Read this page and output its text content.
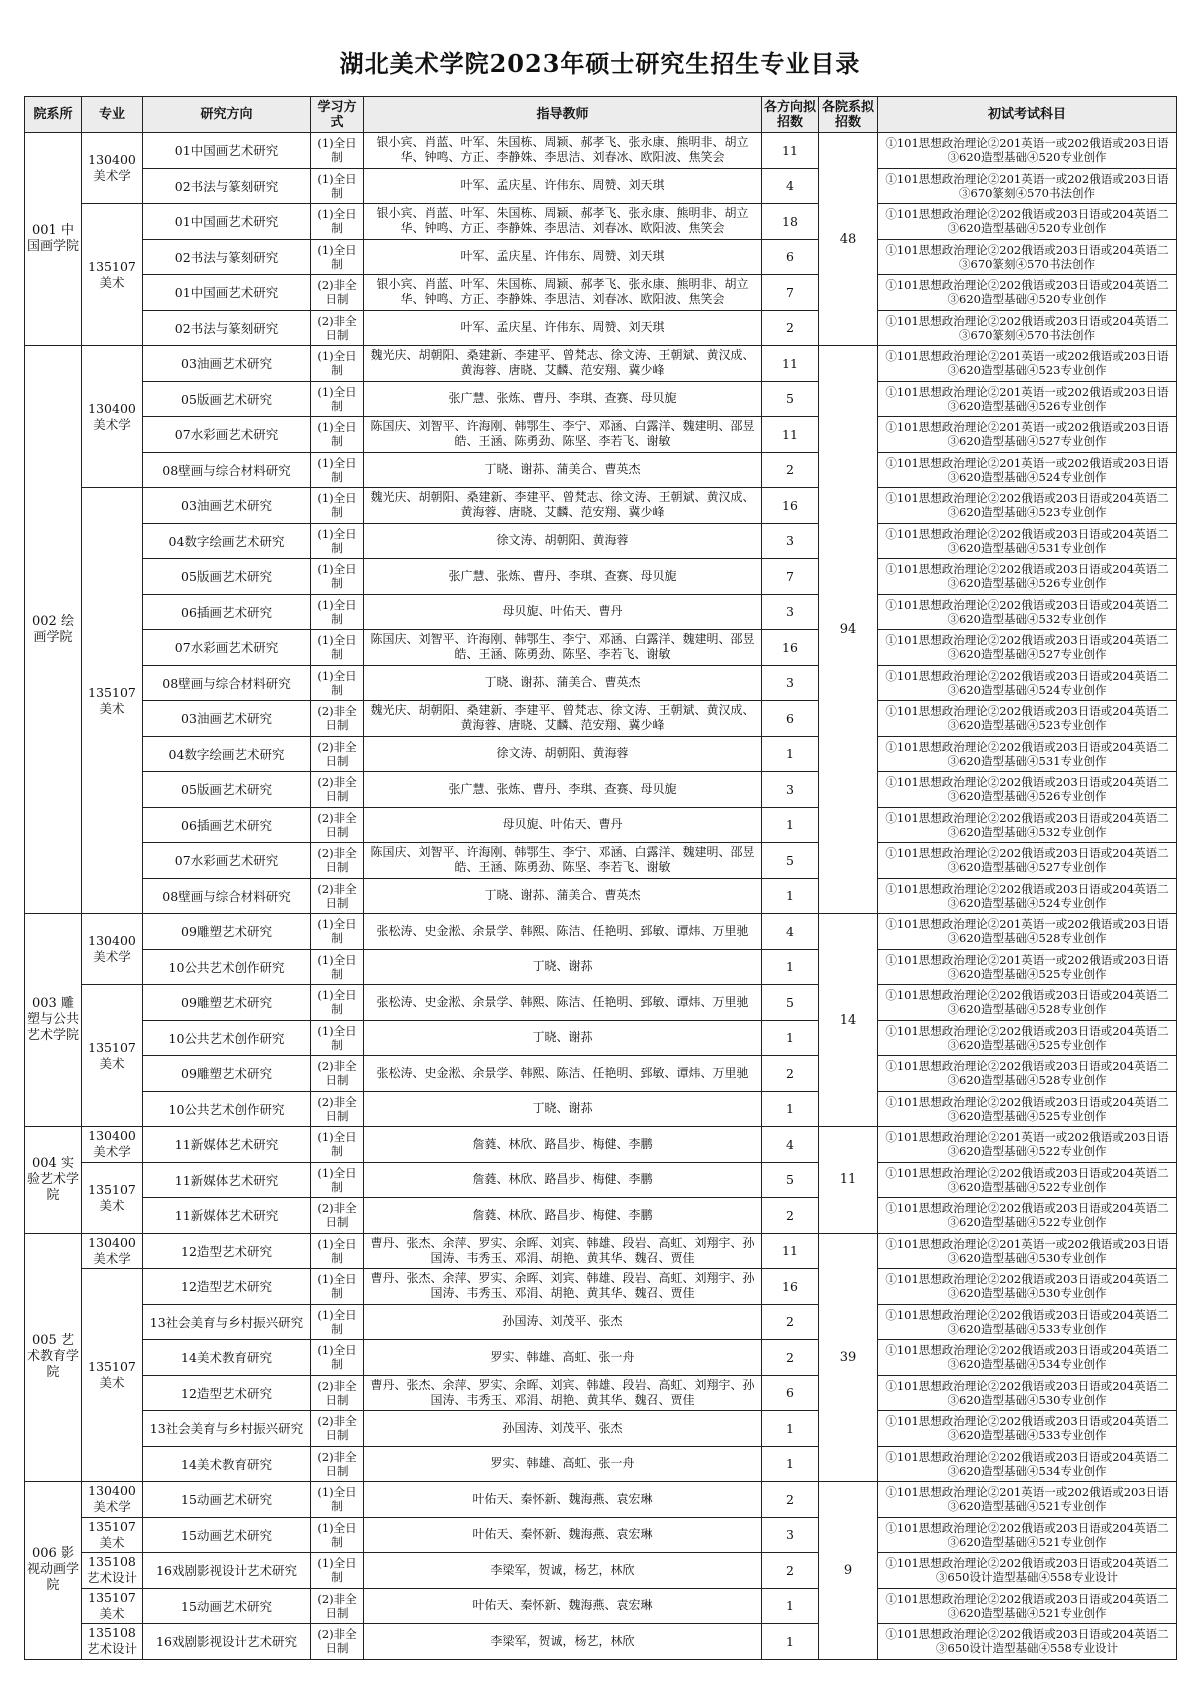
湖北美术学院2023年硕士研究生招生专业目录
院系所	专业	研究方向	学习方式	指导教师	各方向拟招数	各院系拟招数	初试考试科目
001 中国画学院	130400 美术学	01中国画艺术研究	(1)全日制	银小宾、肖蓝、叶军、朱国栋、周颖、郝孝飞、张永康、熊明非、胡立华、钟鸣、方正、李静姝、李思洁、刘春冰、欧阳波、焦笑会	11	48	①101思想政治理论②201英语一或202俄语或203日语③620造型基础④520专业创作
		02书法与篆刻研究	(1)全日制	叶军、孟庆星、许伟东、周赞、刘天琪	4		①101思想政治理论②201英语一或202俄语或203日语③670篆刻④570书法创作
	135107 美术	01中国画艺术研究	(1)全日制	银小宾、肖蓝、叶军、朱国栋、周颖、郝孝飞、张永康、熊明非、胡立华、钟鸣、方正、李静姝、李思洁、刘春冰、欧阳波、焦笑会	18		①101思想政治理论②202俄语或203日语或204英语二③620造型基础④520专业创作
		02书法与篆刻研究	(1)全日制	叶军、孟庆星、许伟东、周赞、刘天琪	6		①101思想政治理论②202俄语或203日语或204英语二③670篆刻④570书法创作
		01中国画艺术研究	(2)非全日制	银小宾、肖蓝、叶军、朱国栋、周颖、郝孝飞、张永康、熊明非、胡立华、钟鸣、方正、李静姝、李思洁、刘春冰、欧阳波、焦笑会	7		①101思想政治理论②202俄语或203日语或204英语二③620造型基础④520专业创作
		02书法与篆刻研究	(2)非全日制	叶军、孟庆星、许伟东、周赞、刘天琪	2		①101思想政治理论②202俄语或203日语或204英语二③670篆刻④570书法创作
002 绘画学院	130400 美术学	03油画艺术研究	(1)全日制	魏光庆、胡朝阳、桑建新、李建平、曾梵志、徐文涛、王朝斌、黄汉成、黄海蓉、唐晓、艾麟、范安翔、冀少峰	11	94	①101思想政治理论②201英语一或202俄语或203日语③620造型基础④523专业创作
		05版画艺术研究	(1)全日制	张广慧、张炼、曹丹、李琪、查赛、母贝旎	5		①101思想政治理论②201英语一或202俄语或203日语③620造型基础④526专业创作
		07水彩画艺术研究	(1)全日制	陈国庆、刘智平、许海刚、韩鄂生、李宁、邓涵、白露洋、魏建明、邵昱皓、王涵、陈勇劲、陈坚、李若飞、谢敏	11		①101思想政治理论②201英语一或202俄语或203日语③620造型基础④527专业创作
		08壁画与综合材料研究	(1)全日制	丁晓、谢荪、蒲美合、曹英杰	2		①101思想政治理论②201英语一或202俄语或203日语③620造型基础④524专业创作
	135107 美术	03油画艺术研究	(1)全日制	魏光庆、胡朝阳、桑建新、李建平、曾梵志、徐文涛、王朝斌、黄汉成、黄海蓉、唐晓、艾麟、范安翔、冀少峰	16		①101思想政治理论②202俄语或203日语或204英语二③620造型基础④523专业创作
		04数字绘画艺术研究	(1)全日制	徐文涛、胡朝阳、黄海蓉	3		①101思想政治理论②202俄语或203日语或204英语二③620造型基础④531专业创作
		05版画艺术研究	(1)全日制	张广慧、张炼、曹丹、李琪、查赛、母贝旎	7		①101思想政治理论②202俄语或203日语或204英语二③620造型基础④526专业创作
		06插画艺术研究	(1)全日制	母贝旎、叶佑天、曹丹	3		①101思想政治理论②202俄语或203日语或204英语二③620造型基础④532专业创作
		07水彩画艺术研究	(1)全日制	陈国庆、刘智平、许海刚、韩鄂生、李宁、邓涵、白露洋、魏建明、邵昱皓、王涵、陈勇劲、陈坚、李若飞、谢敏	16		①101思想政治理论②202俄语或203日语或204英语二③620造型基础④527专业创作
		08壁画与综合材料研究	(1)全日制	丁晓、谢荪、蒲美合、曹英杰	3		①101思想政治理论②202俄语或203日语或204英语二③620造型基础④524专业创作
		03油画艺术研究	(2)非全日制	魏光庆、胡朝阳、桑建新、李建平、曾梵志、徐文涛、王朝斌、黄汉成、黄海蓉、唐晓、艾麟、范安翔、冀少峰	6		①101思想政治理论②202俄语或203日语或204英语二③620造型基础④523专业创作
		04数字绘画艺术研究	(2)非全日制	徐文涛、胡朝阳、黄海蓉	1		①101思想政治理论②202俄语或203日语或204英语二③620造型基础④531专业创作
		05版画艺术研究	(2)非全日制	张广慧、张炼、曹丹、李琪、查赛、母贝旎	3		①101思想政治理论②202俄语或203日语或204英语二③620造型基础④526专业创作
		06插画艺术研究	(2)非全日制	母贝旎、叶佑天、曹丹	1		①101思想政治理论②202俄语或203日语或204英语二③620造型基础④532专业创作
		07水彩画艺术研究	(2)非全日制	陈国庆、刘智平、许海刚、韩鄂生、李宁、邓涵、白露洋、魏建明、邵昱皓、王涵、陈勇劲、陈坚、李若飞、谢敏	5		①101思想政治理论②202俄语或203日语或204英语二③620造型基础④527专业创作
		08壁画与综合材料研究	(2)非全日制	丁晓、谢荪、蒲美合、曹英杰	1		①101思想政治理论②202俄语或203日语或204英语二③620造型基础④524专业创作
003 雕塑与公共艺术学院	130400 美术学	09雕塑艺术研究	(1)全日制	张松涛、史金淞、余景学、韩熙、陈洁、任艳明、郅敏、谭炜、万里驰	4	14	①101思想政治理论②201英语一或202俄语或203日语③620造型基础④528专业创作
		10公共艺术创作研究	(1)全日制	丁晓、谢荪	1		①101思想政治理论②201英语一或202俄语或203日语③620造型基础④525专业创作
	135107 美术	09雕塑艺术研究	(1)全日制	张松涛、史金淞、余景学、韩熙、陈洁、任艳明、郅敏、谭炜、万里驰	5		①101思想政治理论②202俄语或203日语或204英语二③620造型基础④528专业创作
		10公共艺术创作研究	(1)全日制	丁晓、谢荪	1		①101思想政治理论②202俄语或203日语或204英语二③620造型基础④525专业创作
		09雕塑艺术研究	(2)非全日制	张松涛、史金淞、余景学、韩熙、陈洁、任艳明、郅敏、谭炜、万里驰	2		①101思想政治理论②202俄语或203日语或204英语二③620造型基础④528专业创作
		10公共艺术创作研究	(2)非全日制	丁晓、谢荪	1		①101思想政治理论②202俄语或203日语或204英语二③620造型基础④525专业创作
004 实验艺术学院	130400 美术学	11新媒体艺术研究	(1)全日制	詹蕤、林欣、路昌步、梅健、李鹏	4	11	①101思想政治理论②201英语一或202俄语或203日语③620造型基础④522专业创作
	135107 美术	11新媒体艺术研究	(1)全日制	詹蕤、林欣、路昌步、梅健、李鹏	5		①101思想政治理论②202俄语或203日语或204英语二③620造型基础④522专业创作
		11新媒体艺术研究	(2)非全日制	詹蕤、林欣、路昌步、梅健、李鹏	2		①101思想政治理论②202俄语或203日语或204英语二③620造型基础④522专业创作
005 艺术教育学院	130400 美术学	12造型艺术研究	(1)全日制	曹丹、张杰、余萍、罗实、余晖、刘宾、韩雄、段岩、高虹、刘翔宇、孙国涛、韦秀玉、邓涓、胡艳、黄其华、魏召、贾佳	11	39	①101思想政治理论②201英语一或202俄语或203日语③620造型基础④530专业创作
	135107 美术	12造型艺术研究	(1)全日制	曹丹、张杰、余萍、罗实、余晖、刘宾、韩雄、段岩、高虹、刘翔宇、孙国涛、韦秀玉、邓涓、胡艳、黄其华、魏召、贾佳	16		①101思想政治理论②202俄语或203日语或204英语二③620造型基础④530专业创作
		13社会美育与乡村振兴研究	(1)全日制	孙国涛、刘茂平、张杰	2		①101思想政治理论②202俄语或203日语或204英语二③620造型基础④533专业创作
		14美术教育研究	(1)全日制	罗实、韩雄、高虹、张一舟	2		①101思想政治理论②202俄语或203日语或204英语二③620造型基础④534专业创作
		12造型艺术研究	(2)非全日制	曹丹、张杰、余萍、罗实、余晖、刘宾、韩雄、段岩、高虹、刘翔宇、孙国涛、韦秀玉、邓涓、胡艳、黄其华、魏召、贾佳	6		①101思想政治理论②202俄语或203日语或204英语二③620造型基础④530专业创作
		13社会美育与乡村振兴研究	(2)非全日制	孙国涛、刘茂平、张杰	1		①101思想政治理论②202俄语或203日语或204英语二③620造型基础④533专业创作
		14美术教育研究	(2)非全日制	罗实、韩雄、高虹、张一舟	1		①101思想政治理论②202俄语或203日语或204英语二③620造型基础④534专业创作
006 影视动画学院	130400 美术学	15动画艺术研究	(1)全日制	叶佑天、秦怀新、魏海燕、袁宏琳	2	9	①101思想政治理论②201英语一或202俄语或203日语③620造型基础④521专业创作
	135107 美术	15动画艺术研究	(1)全日制	叶佑天、秦怀新、魏海燕、袁宏琳	3		①101思想政治理论②202俄语或203日语或204英语二③620造型基础④521专业创作
	135108 艺术设计	16戏剧影视设计艺术研究	(1)全日制	李梁军，贺诚，杨艺，林欣	2		①101思想政治理论②202俄语或203日语或204英语二③650设计造型基础④558专业设计
	135107 美术	15动画艺术研究	(2)非全日制	叶佑天、秦怀新、魏海燕、袁宏琳	1		①101思想政治理论②202俄语或203日语或204英语二③620造型基础④521专业创作
	135108 艺术设计	16戏剧影视设计艺术研究	(2)非全日制	李梁军，贺诚，杨艺，林欣	1		①101思想政治理论②202俄语或203日语或204英语二③650设计造型基础④558专业设计
